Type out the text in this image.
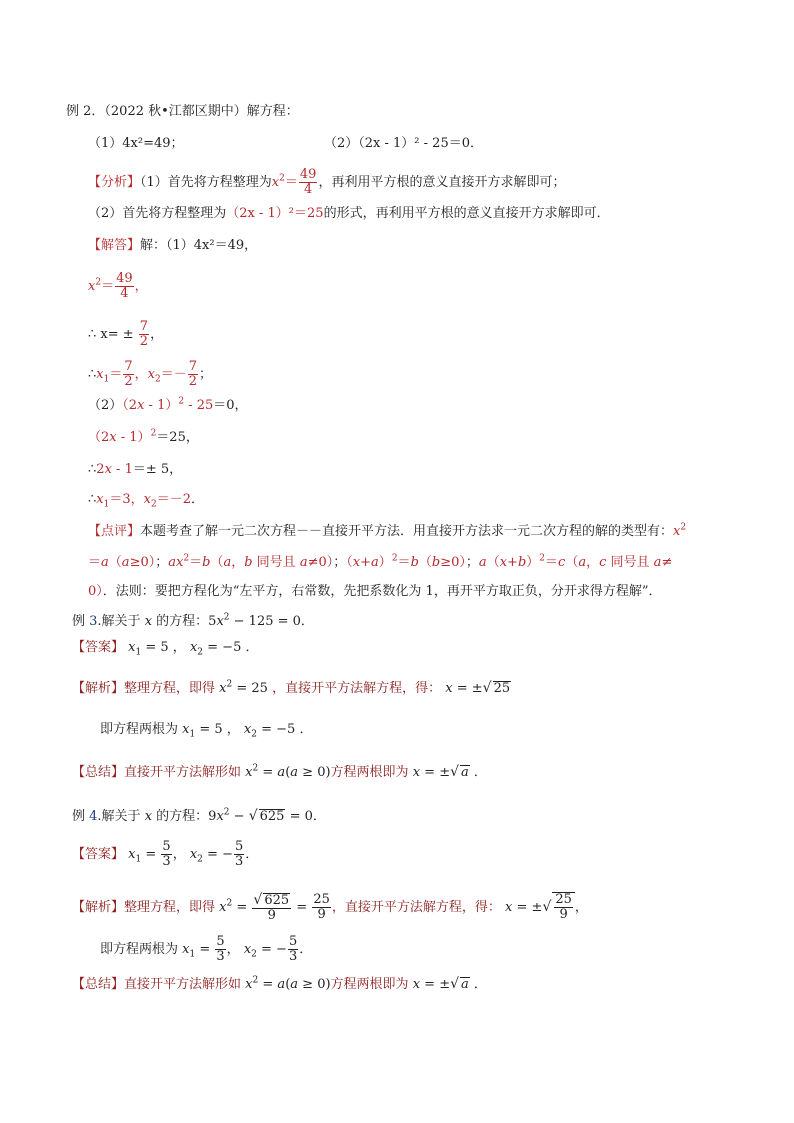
例 2．（2022 秋•江都区期中）解方程：
（1）4x²=49；	（2）（2x - 1）² - 25＝0．
【分析】（1）首先将方程整理为$x^2= \frac{49}{4}$ ，再利用平方根的意义直接开方求解即可；
（2）首先将方程整理为（2x - 1）²＝25的形式，再利用平方根的意义直接开方求解即可．
【解答】解：（1）4x²＝49，
$x^2= \frac{49}{4}$ ，
∴ $x= \pm \frac{7}{2}$ ，
$\therefore x_1= \frac{7}{2}$ ，$x_2=- \frac{7}{2}$ ；
（2）（2x - 1）$^2$ - 25＝0，
（2x - 1）$^2$＝25，
∴2x - 1＝± 5，
$\therefore x_1=3$，$x_2=-2$．
【点评】本题考查了解一元二次方程－－直接开平方法．用直接开方法求一元二次方程的解的类型有：$x^2$
＝a（a≥0）；$ax^2=b(a$，b 同号且 a≠0）；$(x+a)^2=b(b\ge 0)$；$a(x+b)^2=c(a$，c 同号且 a≠
0）．法则：要把方程化为“左平方，右常数，先把系数化为 1，再开平方取正负，分开求得方程解”．
例 3.解关于 x 的方程：$5x^2 - 125 = 0$．
【答案】 $x_1 = 5$ ， $x_2 = -5$ ．
【解析】整理方程，即得 $x^2 = 25$ ，直接开平方法解方程，得： x = ±√ 25
即方程两根为 $x_1 = 5$ ， $x_2 = -5$ ．
【总结】直接开平方法解形如 $x^2 = a(a \ge 0)$方程两根即为 x = ±√ a ．
例 4.解关于 x 的方程：$9x^2$ − √ 625 = 0．
【答案】 $x_1 = \frac{5}{3}$ ， $x_2$ = − $\frac{5}{3}$ ．
【解析】整理方程，即得 $x^2 = \frac{√ 625}{9} = \frac{25}{9}$ ，直接开平方法解方程，得： x = ±√ $\frac{25}{9}$ ，
即方程两根为 $x_1 = \frac{5}{3}$ ， $x_2$ = − $\frac{5}{3}$ ．
【总结】直接开平方法解形如 $x^2 = a(a \ge 0)$方程两根即为 x = ±√ a ．
